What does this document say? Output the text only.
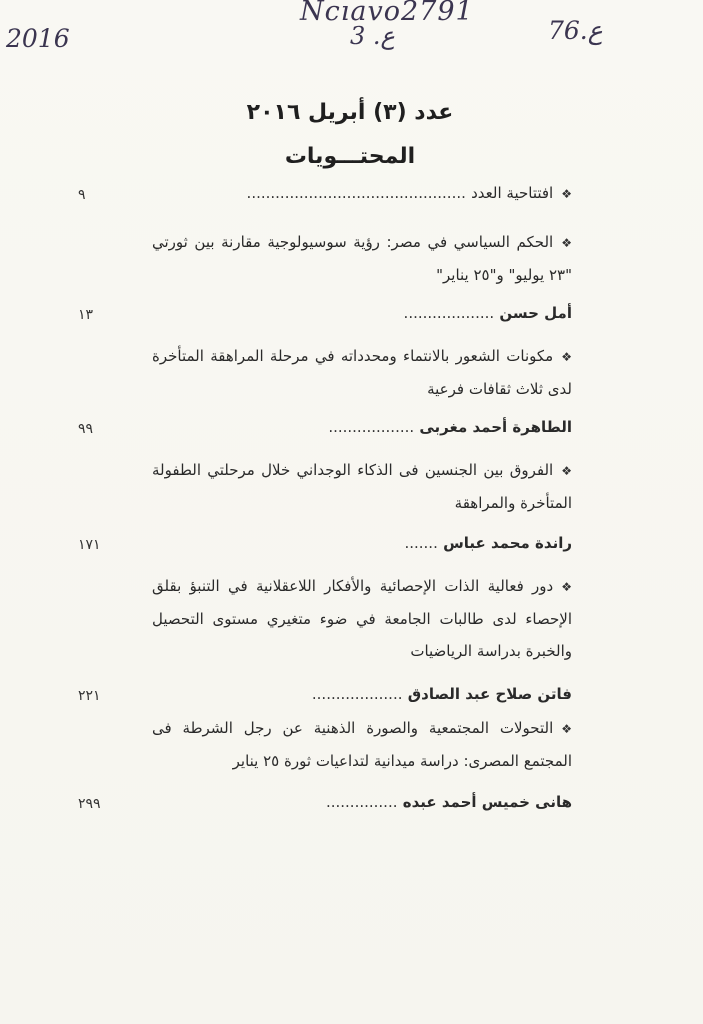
2016
Ncıavo2791
3 .ع	76.ع
عدد (٣) أبريل ٢٠١٦
المحتـــويات
❖افتتاحية العدد ..............................................
٩
❖الحكم السياسي في مصر: رؤية سوسيولوجية مقارنة بين ثورتي "٢٣ يوليو" و"٢٥ يناير"
أمل حسن ...................
١٣
❖مكونات الشعور بالانتماء ومحدداته في مرحلة المراهقة المتأخرة لدى ثلاث ثقافات فرعية
الطاهرة أحمد مغربى ..................
٩٩
❖الفروق بين الجنسين فى الذكاء الوجداني خلال مرحلتي الطفولة المتأخرة والمراهقة
راندة محمد عباس .......
١٧١
❖دور فعالية الذات الإحصائية والأفكار اللاعقلانية في التنبؤ بقلق الإحصاء لدى طالبات الجامعة في ضوء متغيري مستوى التحصيل والخبرة بدراسة الرياضيات
فاتن صلاح عبد الصادق ...................
٢٢١
❖التحولات المجتمعية والصورة الذهنية عن رجل الشرطة فى المجتمع المصرى: دراسة ميدانية لتداعيات ثورة ٢٥ يناير
هانى خميس أحمد عبده ...............
٢٩٩
